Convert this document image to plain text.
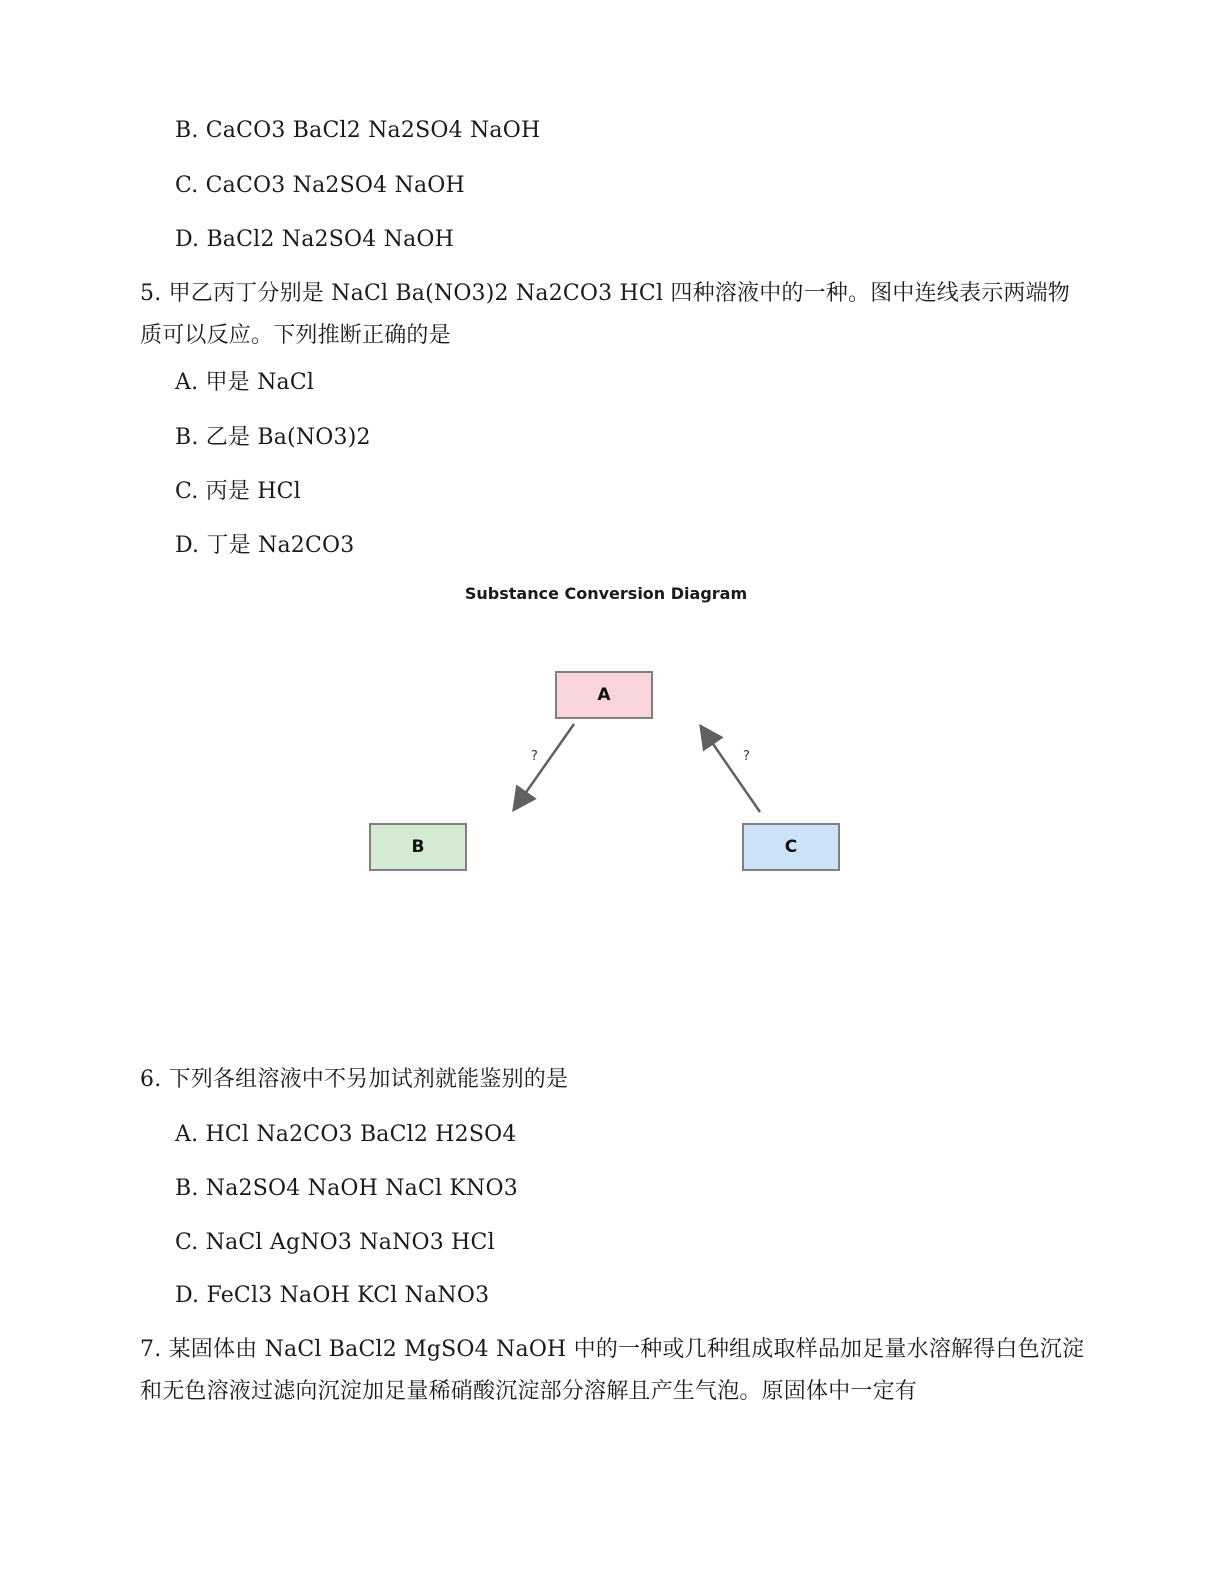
B. CaCO3 BaCl2 Na2SO4 NaOH
C. CaCO3 Na2SO4 NaOH
D. BaCl2 Na2SO4 NaOH
5. 甲乙丙丁分别是 NaCl Ba(NO3)2 Na2CO3 HCl 四种溶液中的一种。图中连线表示两端物
质可以反应。下列推断正确的是
A. 甲是 NaCl
B. 乙是 Ba(NO3)2
C. 丙是 HCl
D. 丁是 Na2CO3
Substance Conversion Diagram
A
B	C
?	?
6. 下列各组溶液中不另加试剂就能鉴别的是
A. HCl Na2CO3 BaCl2 H2SO4
B. Na2SO4 NaOH NaCl KNO3
C. NaCl AgNO3 NaNO3 HCl
D. FeCl3 NaOH KCl NaNO3
7. 某固体由 NaCl BaCl2 MgSO4 NaOH 中的一种或几种组成取样品加足量水溶解得白色沉淀
和无色溶液过滤向沉淀加足量稀硝酸沉淀部分溶解且产生气泡。原固体中一定有
